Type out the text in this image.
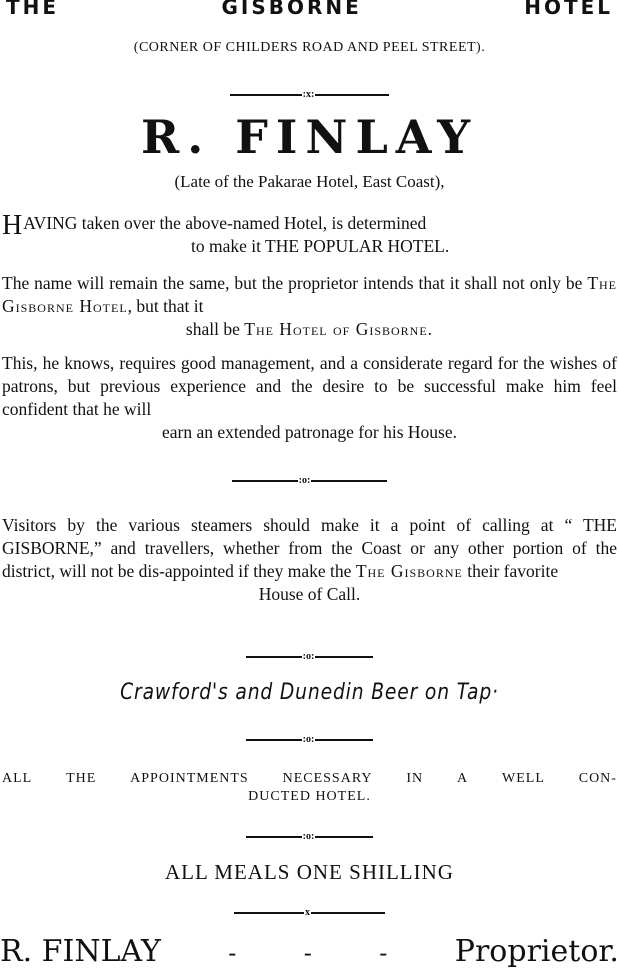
THE	GISBORNE	HOTEL
(CORNER OF CHILDERS ROAD AND PEEL STREET).
:x:
R. FINLAY
(Late of the Pakarae Hotel, East Coast),
H AVING taken over the above-named Hotel, is determined
to make it THE POPULAR HOTEL.
The name will remain the same, but the proprietor intends that it shall not only be The Gisborne Hotel, but that it
shall be The Hotel of Gisborne.
This, he knows, requires good management, and a considerate regard for the wishes of patrons, but previous experience and the desire to be successful make him feel confident that he will
earn an extended patronage for his House.
:o:
Visitors by the various steamers should make it a point of calling at “ THE GISBORNE,” and travellers, whether from the Coast or any other portion of the district, will not be dis-appointed if they make the The Gisborne their favorite
House of Call.
:o:
Crawford's and Dunedin Beer on Tap·
:o:
ALL THE APPOINTMENTS NECESSARY IN A WELL CON-
DUCTED HOTEL.
:o:
ALL MEALS ONE SHILLING
x
R. FINLAY	-	-	- Proprietor.
